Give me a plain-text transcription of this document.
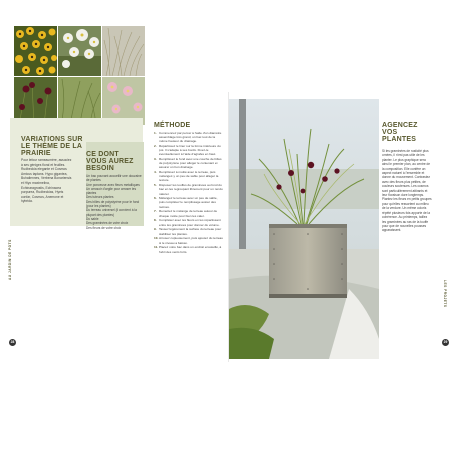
VARIATIONS SUR LE THÈME DE LA PRAIRIE
Pour lefour rameaumère, associez à ses géniges floral et feuilles. Rudbeckia elegante et Cosmos Amicus taplans. Hypo gigantea, Buhaliennes, Verbena Bonariensis et Hiyo maximelina, Echinaragrostis, Echinacea purpurea, Rudbeckias, Hyeis confar, Cosmos, Anemone et hybrida.
CE DONT VOUS AUREZ BESOIN
Un bac pouvant accueillir une douzaine de plantes
Une ponceuse avec fleurs metalliques
Un arrosoir d'argile pour arroser les plantes
Des tuteurs plantes
Des billes de polystyrène pour le fond (pour les plantes)
Du terreau universel (il convient à la plupart des plantes)
Du sable
Des graminées de votre choix
Des fleurs de votre choix
MÉTHODE
1. Commencez par percer à l'aide d'un diamètre assemblage très grand, un bac tout de la même hauteur du drainage.
2. Répartissez le liner sur la forme intérieure du pot. Il s'adapte à ses bords. Fixez-le éventuellement à l'aide d'agrafes en haut.
3. Remplissez le fond avec une couche de billes de polystyrène pour alléger le contenant et assurer un bon drainage.
4. Remplissez à moitié avec le terreau, puis mélangez-y un peu de sable pour alléger la texture.
5. Disposez les touffes de graminées au fond du bac en les regroupant librement pour un rendu naturel.
6. Mélangez le terreau avec un peu de sable, puis complétez le remplissage autour des racines.
7. Remettez le mélange de terreau autour de chaque motte pour bien les caler.
8. Complétez avec les fleurs en les répartissant entre les graminées pour donner du volume.
9. Tassez légèrement la surface du terreau pour stabiliser les plantes.
10. Arrosez copieusement, puis ajoutez du terreau si le niveau a baissé.
11. Placez votre bac dans un endroit ensoleillé, à l'abri des vents forts.
AGENCEZ VOS PLANTES
Si les graminées de rusticité plus ornées, il n'est pas utile de les planter. Le plus graphique sera ainsi le premier plan, au centre de la composition. Elle confère un aspect naturel à l'ensemble et donne du mouvement. Contrastez avec des fleurs plus petites, de couleurs soutenues. Les cosmos sont particulièrement attirants et leur floraison dure longtemps. Plantez les fleurs en petits groupes pour qu'elles ressortent au milieu de la verdure. Un même coloris répété plusieurs fois apporte de la cohérence. Au printemps, taillez les graminées au ras de la touffe pour que de nouvelles pousses apparaissent.
AU JARDIN DE POTS
28
LES PROJETS
29
